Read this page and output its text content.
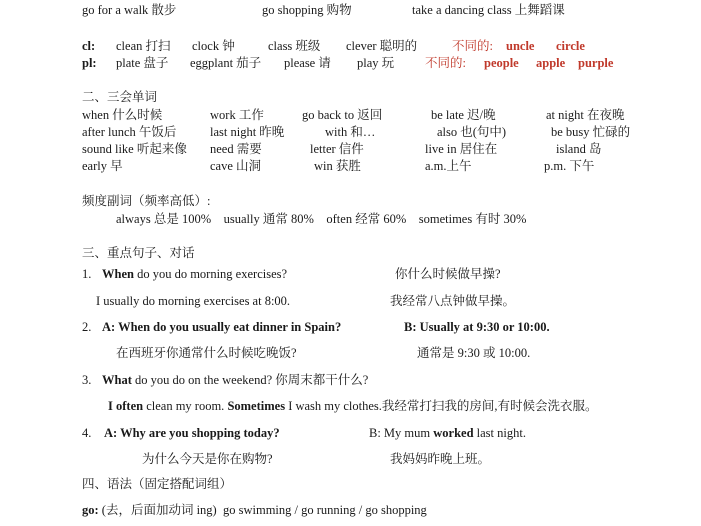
go for a walk 散步	go shopping 购物	take a dancing class 上舞蹈课
cl: clean 打扫 clock 钟	class 班级 clever 聪明的	不同的: uncle circle
pl: plate 盘子 eggplant 茄子 please 请 play 玩 不同的: people apple purple
二、三会单词
when 什么时候	work 工作	go back to 返回	be late 迟/晚	at night 在夜晚
after lunch 午饭后	last night 昨晚	with 和…	also 也(句中)	be busy 忙碌的
sound like 听起来像 need 需要	letter 信件	live in 居住在	island 岛
early 早	cave 山洞	win 获胜	a.m.上午	p.m. 下午
频度副词（频率高低）:
always 总是 100%    usually 通常 80%    often 经常 60%    sometimes 有时 30%
三、重点句子、对话
1. When do you do morning exercises?	你什么时候做早操?
I usually do morning exercises at 8:00.	我经常八点钟做早操。
2. A: When do you usually eat dinner in Spain?	B: Usually at 9:30 or 10:00.
在西班牙你通常什么时候吃晚饭?	通常是 9:30 或 10:00.
3. What do you do on the weekend? 你周末都干什么?
I often clean my room. Sometimes I wash my clothes.我经常打扫我的房间,有时候会洗衣服。
4. A: Why are you shopping today?	B: My mum worked last night.
为什么今天是你在购物?	我妈妈昨晚上班。
四、语法（固定搭配词组）
go: (去，后面加动词 ing)  go swimming / go running / go shopping
